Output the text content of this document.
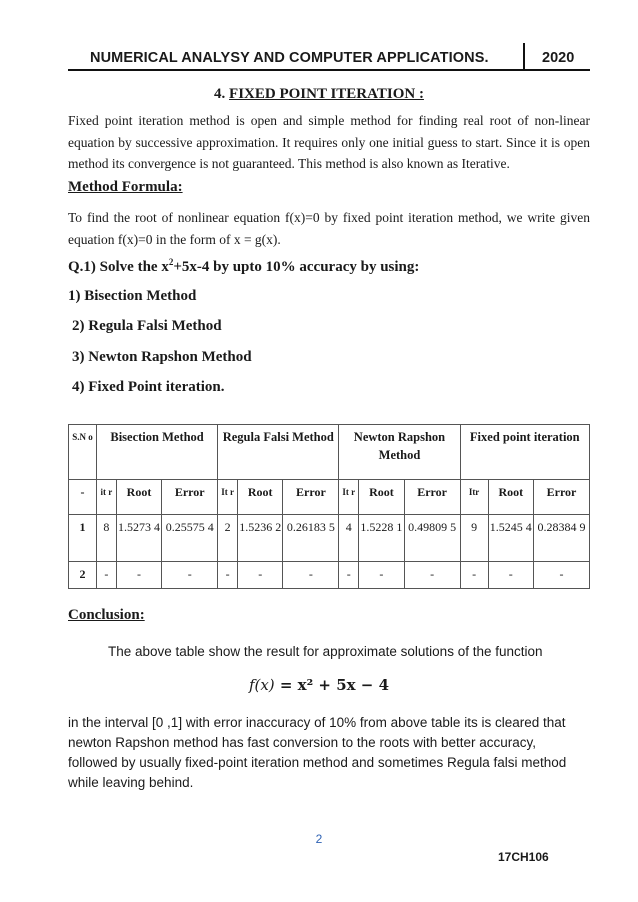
NUMERICAL ANALYSY AND COMPUTER APPLICATIONS.	2020
4. FIXED POINT ITERATION :
Fixed point iteration method is open and simple method for finding real root of non-linear equation by successive approximation. It requires only one initial guess to start. Since it is open method its convergence is not guaranteed. This method is also known as Iterative.
Method Formula:
To find the root of nonlinear equation f(x)=0 by fixed point iteration method, we write given equation f(x)=0 in the form of x = g(x).
Q.1) Solve the $x^2+5x-4$ by upto 10% accuracy by using:
1) Bisection Method
2) Regula Falsi Method
3) Newton Rapshon Method
4) Fixed Point iteration.
S.N o	Bisection Method			Regula Falsi Method			Newton Rapshon Method			Fixed point iteration		
-	it r	Root	Error	It r	Root	Error	It r	Root	Error	Itr	Root	Error
1	8	1.5273 4	0.25575 4	2	1.5236 2	0.26183 5	4	1.5228 1	0.49809 5	9	1.5245 4	0.28384 9
2	-	-	-	-	-	-	-	-	-	-	-	-
Conclusion:
The above table show the result for approximate solutions of the function
f(x) = x² + 5x − 4
in the interval [0 ,1] with error inaccuracy of 10% from above table its is cleared that newton Rapshon method has fast conversion to the roots with better accuracy, followed by usually fixed-point iteration method and sometimes Regula falsi method while leaving behind.
2
17CH106
